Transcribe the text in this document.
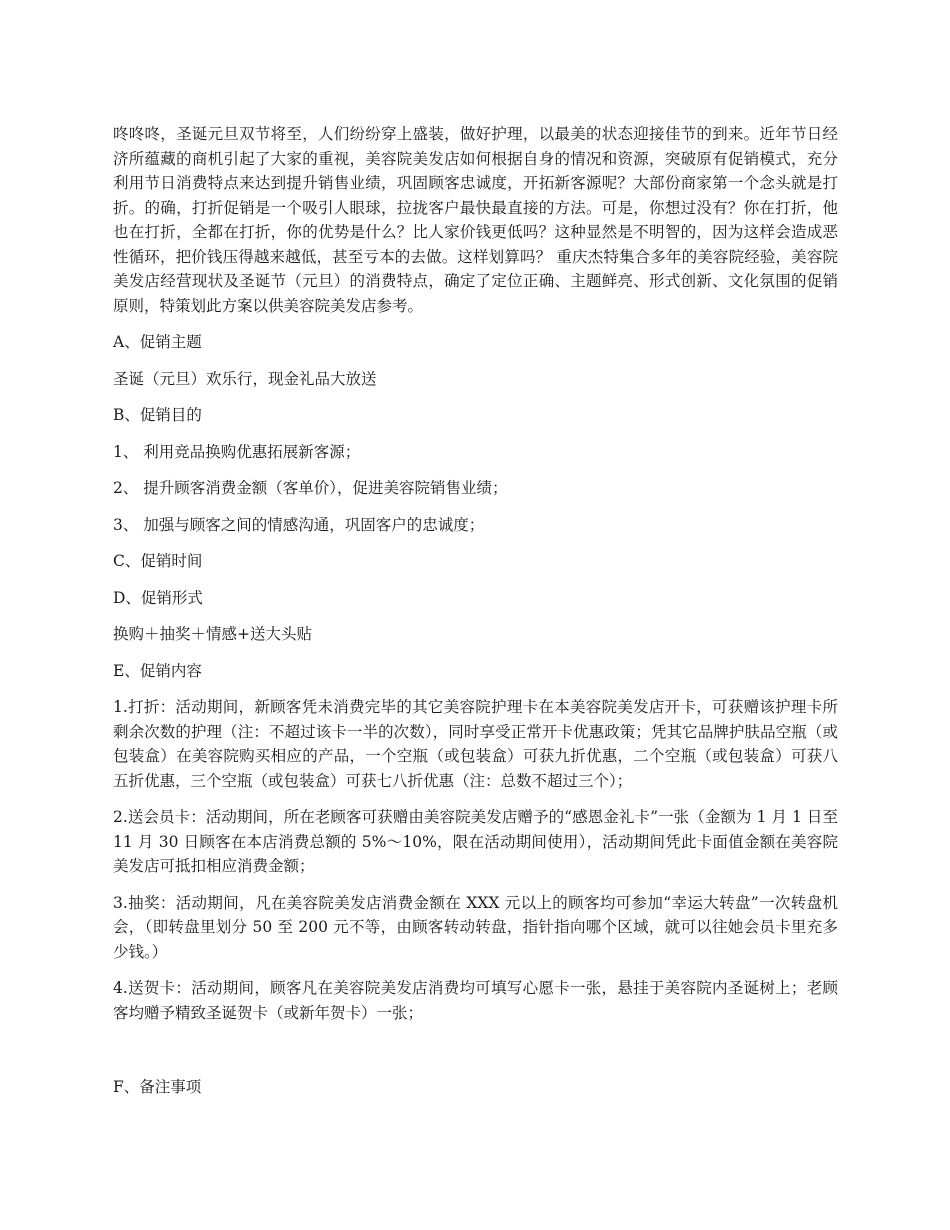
咚咚咚，圣诞元旦双节将至，人们纷纷穿上盛装，做好护理，以最美的状态迎接佳节的到来。近年节日经济所蕴藏的商机引起了大家的重视，美容院美发店如何根据自身的情况和资源，突破原有促销模式，充分利用节日消费特点来达到提升销售业绩，巩固顾客忠诚度，开拓新客源呢？大部份商家第一个念头就是打折。的确，打折促销是一个吸引人眼球，拉拢客户最快最直接的方法。可是，你想过没有？你在打折，他也在打折，全都在打折，你的优势是什么？比人家价钱更低吗？这种显然是不明智的，因为这样会造成恶性循环，把价钱压得越来越低，甚至亏本的去做。这样划算吗？ 重庆杰特集合多年的美容院经验，美容院美发店经营现状及圣诞节（元旦）的消费特点，确定了定位正确、主题鲜亮、形式创新、文化氛围的促销原则，特策划此方案以供美容院美发店参考。

A、促销主题

圣诞（元旦）欢乐行，现金礼品大放送

B、促销目的

1、 利用竞品换购优惠拓展新客源；

2、 提升顾客消费金额（客单价），促进美容院销售业绩；

3、 加强与顾客之间的情感沟通，巩固客户的忠诚度；

C、促销时间

D、促销形式

换购＋抽奖＋情感+送大头贴

E、促销内容

1.打折：活动期间，新顾客凭未消费完毕的其它美容院护理卡在本美容院美发店开卡，可获赠该护理卡所剩余次数的护理（注：不超过该卡一半的次数），同时享受正常开卡优惠政策；凭其它品牌护肤品空瓶（或包装盒）在美容院购买相应的产品，一个空瓶（或包装盒）可获九折优惠，二个空瓶（或包装盒）可获八五折优惠，三个空瓶（或包装盒）可获七八折优惠（注：总数不超过三个）；

2.送会员卡：活动期间，所在老顾客可获赠由美容院美发店赠予的“感恩金礼卡”一张（金额为 1 月 1 日至 11 月 30 日顾客在本店消费总额的 5%～10%，限在活动期间使用），活动期间凭此卡面值金额在美容院美发店可抵扣相应消费金额；

3.抽奖：活动期间，凡在美容院美发店消费金额在 XXX 元以上的顾客均可参加“幸运大转盘”一次转盘机会，（即转盘里划分 50 至 200 元不等，由顾客转动转盘，指针指向哪个区域，就可以往她会员卡里充多少钱。）

4.送贺卡：活动期间，顾客凡在美容院美发店消费均可填写心愿卡一张，悬挂于美容院内圣诞树上；老顾客均赠予精致圣诞贺卡（或新年贺卡）一张；

F、备注事项
